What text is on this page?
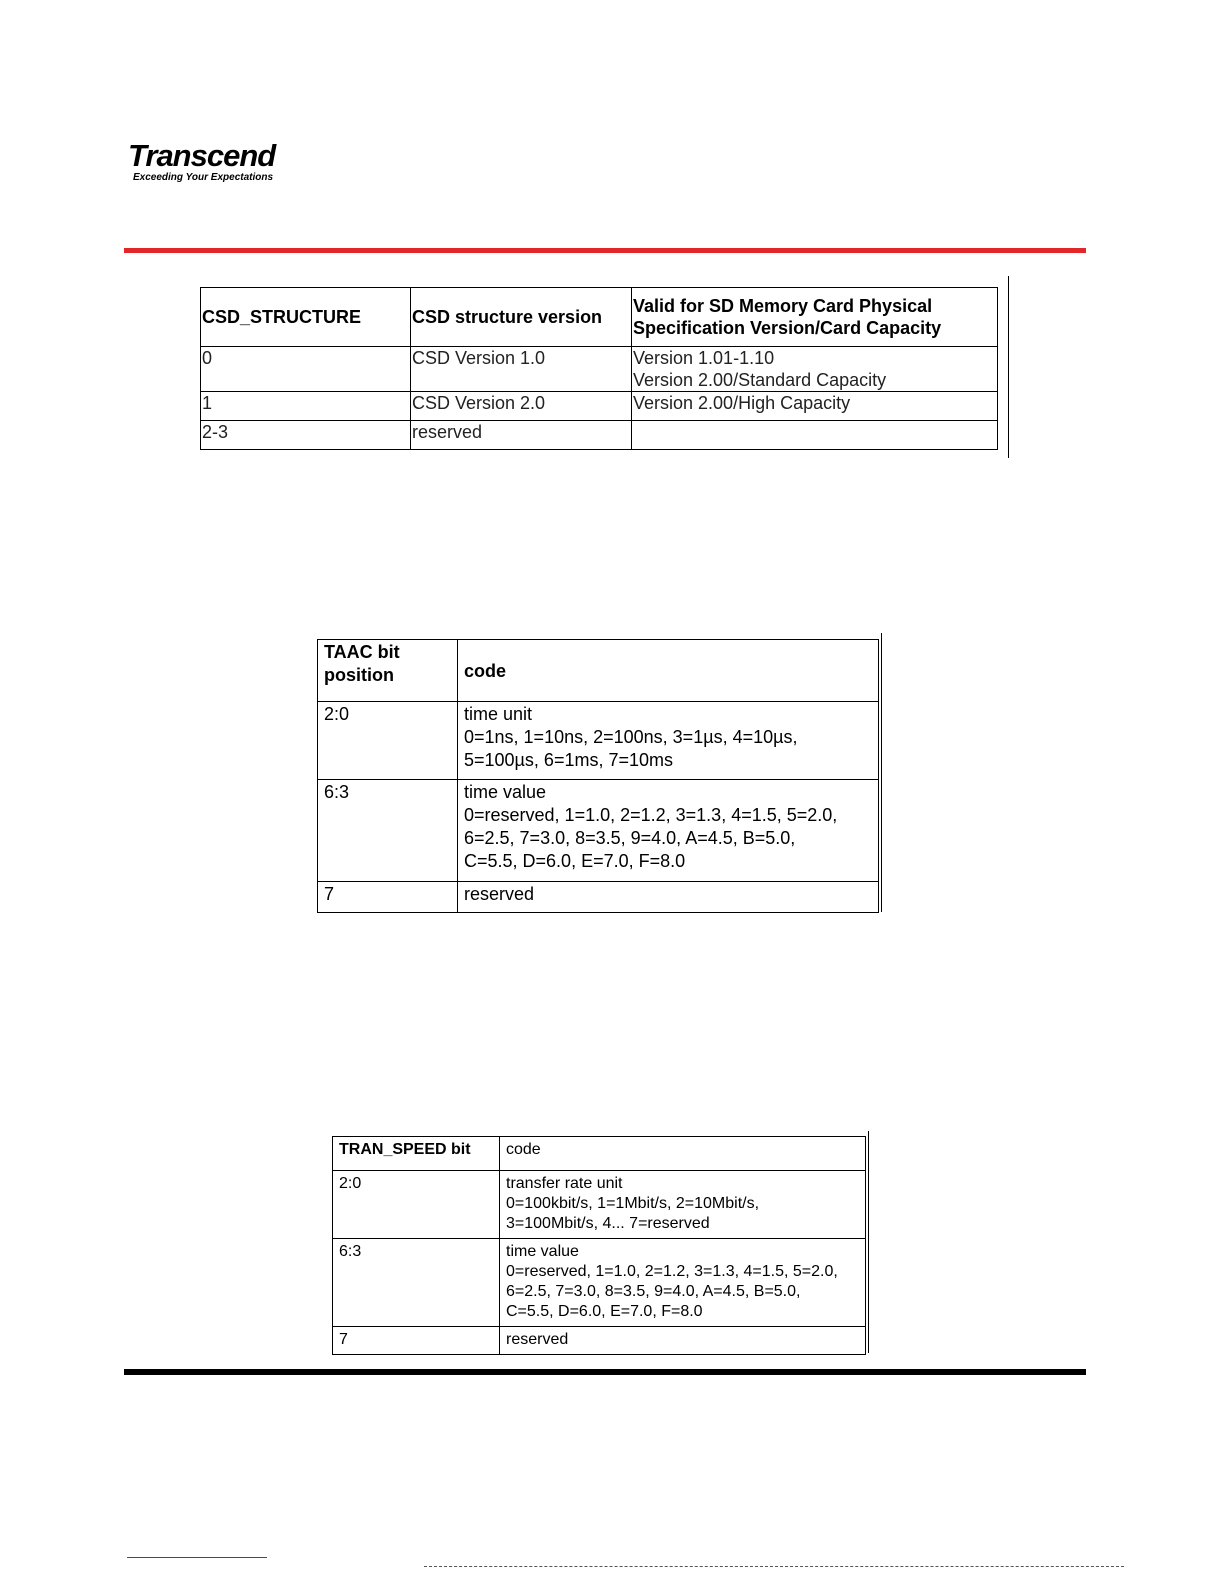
Transcend
Exceeding Your Expectations
CSD_STRUCTURE	CSD structure version	Valid for SD Memory Card Physical
Specification Version/Card Capacity

0	CSD Version 1.0	Version 1.01-1.10
Version 2.00/Standard Capacity

1	CSD Version 2.0	Version 2.00/High Capacity

2-3	reserved	
TAAC bit
position	code
2:0	time unit
0=1ns, 1=10ns, 2=100ns, 3=1µs, 4=10µs,
5=100µs, 6=1ms, 7=10ms

6:3	time value
0=reserved, 1=1.0, 2=1.2, 3=1.3, 4=1.5, 5=2.0,
6=2.5, 7=3.0, 8=3.5, 9=4.0, A=4.5, B=5.0,
C=5.5, D=6.0, E=7.0, F=8.0

7	reserved
TRAN_SPEED bit	code
2:0	transfer rate unit
0=100kbit/s, 1=1Mbit/s, 2=10Mbit/s,
3=100Mbit/s, 4... 7=reserved

6:3	time value
0=reserved, 1=1.0, 2=1.2, 3=1.3, 4=1.5, 5=2.0,
6=2.5, 7=3.0, 8=3.5, 9=4.0, A=4.5, B=5.0,
C=5.5, D=6.0, E=7.0, F=8.0

7	reserved
